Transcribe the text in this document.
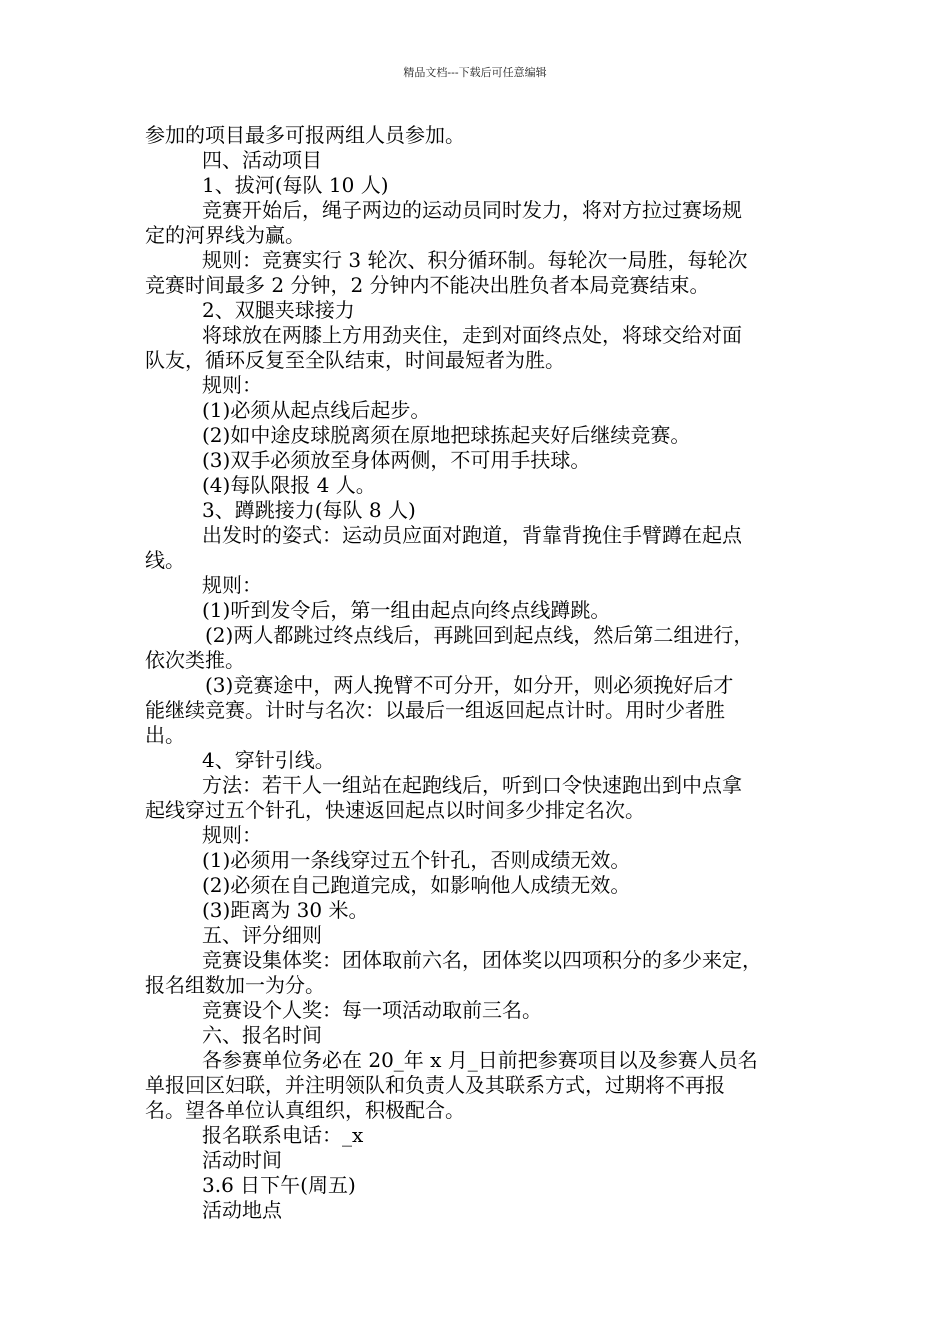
精品文档---下载后可任意编辑
参加的项目最多可报两组人员参加。
四、活动项目
1、拔河(每队 10 人)
竞赛开始后，绳子两边的运动员同时发力，将对方拉过赛场规
定的河界线为赢。
规则：竞赛实行 3 轮次、积分循环制。每轮次一局胜，每轮次
竞赛时间最多 2 分钟，2 分钟内不能决出胜负者本局竞赛结束。
2、双腿夹球接力
将球放在两膝上方用劲夹住，走到对面终点处，将球交给对面
队友，循环反复至全队结束，时间最短者为胜。
规则：
(1)必须从起点线后起步。
(2)如中途皮球脱离须在原地把球拣起夹好后继续竞赛。
(3)双手必须放至身体两侧，不可用手扶球。
(4)每队限报 4 人。
3、蹲跳接力(每队 8 人)
出发时的姿式：运动员应面对跑道，背靠背挽住手臂蹲在起点
线。
规则：
(1)听到发令后，第一组由起点向终点线蹲跳。
(2)两人都跳过终点线后，再跳回到起点线，然后第二组进行，
依次类推。
(3)竞赛途中，两人挽臂不可分开，如分开，则必须挽好后才
能继续竞赛。计时与名次：以最后一组返回起点计时。用时少者胜
出。
4、穿针引线。
方法：若干人一组站在起跑线后，听到口令快速跑出到中点拿
起线穿过五个针孔，快速返回起点以时间多少排定名次。
规则：
(1)必须用一条线穿过五个针孔，否则成绩无效。
(2)必须在自己跑道完成，如影响他人成绩无效。
(3)距离为 30 米。
五、评分细则
竞赛设集体奖：团体取前六名，团体奖以四项积分的多少来定，
报名组数加一为分。
竞赛设个人奖：每一项活动取前三名。
六、报名时间
各参赛单位务必在 20_年 x 月_日前把参赛项目以及参赛人员名
单报回区妇联，并注明领队和负责人及其联系方式，过期将不再报
名。望各单位认真组织，积极配合。
报名联系电话：_x
活动时间
3.6 日下午(周五)
活动地点
